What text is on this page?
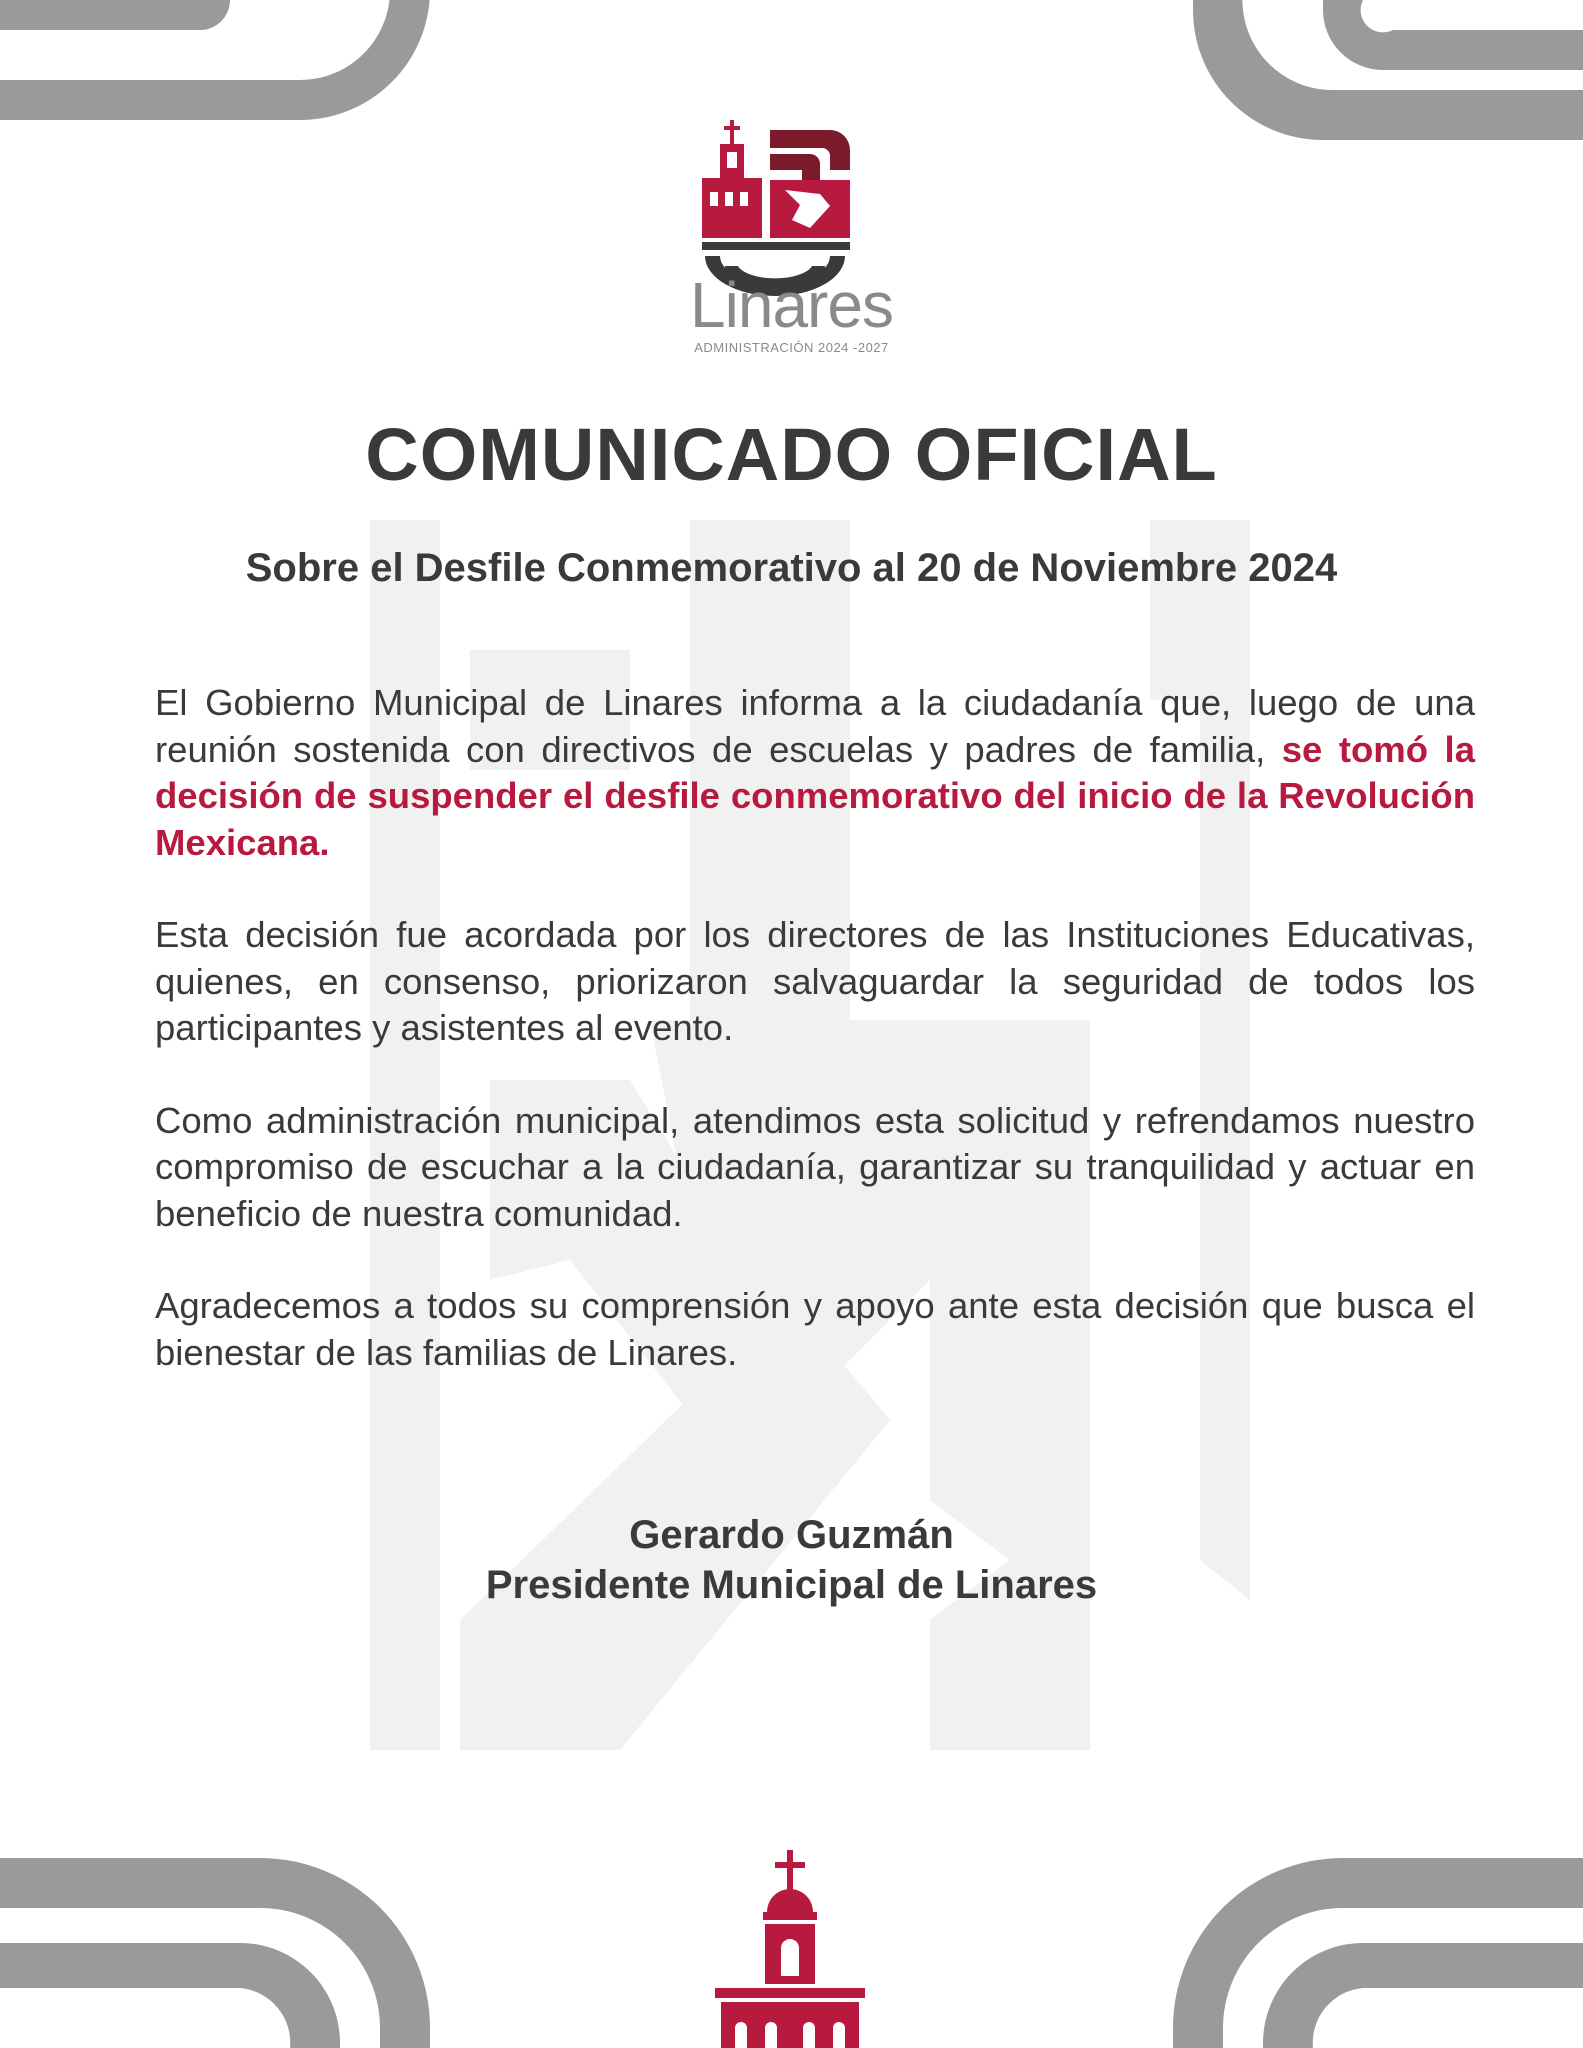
Linares
ADMINISTRACIÓN 2024 -2027
COMUNICADO OFICIAL
Sobre el Desfile Conmemorativo al 20 de Noviembre 2024

El Gobierno Municipal de Linares informa a la ciudadanía que, luego de una reunión sostenida con directivos de escuelas y padres de familia, se tomó la decisión de suspender el desfile conmemorativo del inicio de la Revolución Mexicana.

Esta decisión fue acordada por los directores de las Instituciones Educativas, quienes, en consenso, priorizaron salvaguardar la seguridad de todos los participantes y asistentes al evento.

Como administración municipal, atendimos esta solicitud y refrendamos nuestro compromiso de escuchar a la ciudadanía, garantizar su tranquilidad y actuar en beneficio de nuestra comunidad.

Agradecemos a todos su comprensión y apoyo ante esta decisión que busca el bienestar de las familias de Linares.

Gerardo Guzmán
Presidente Municipal de Linares
